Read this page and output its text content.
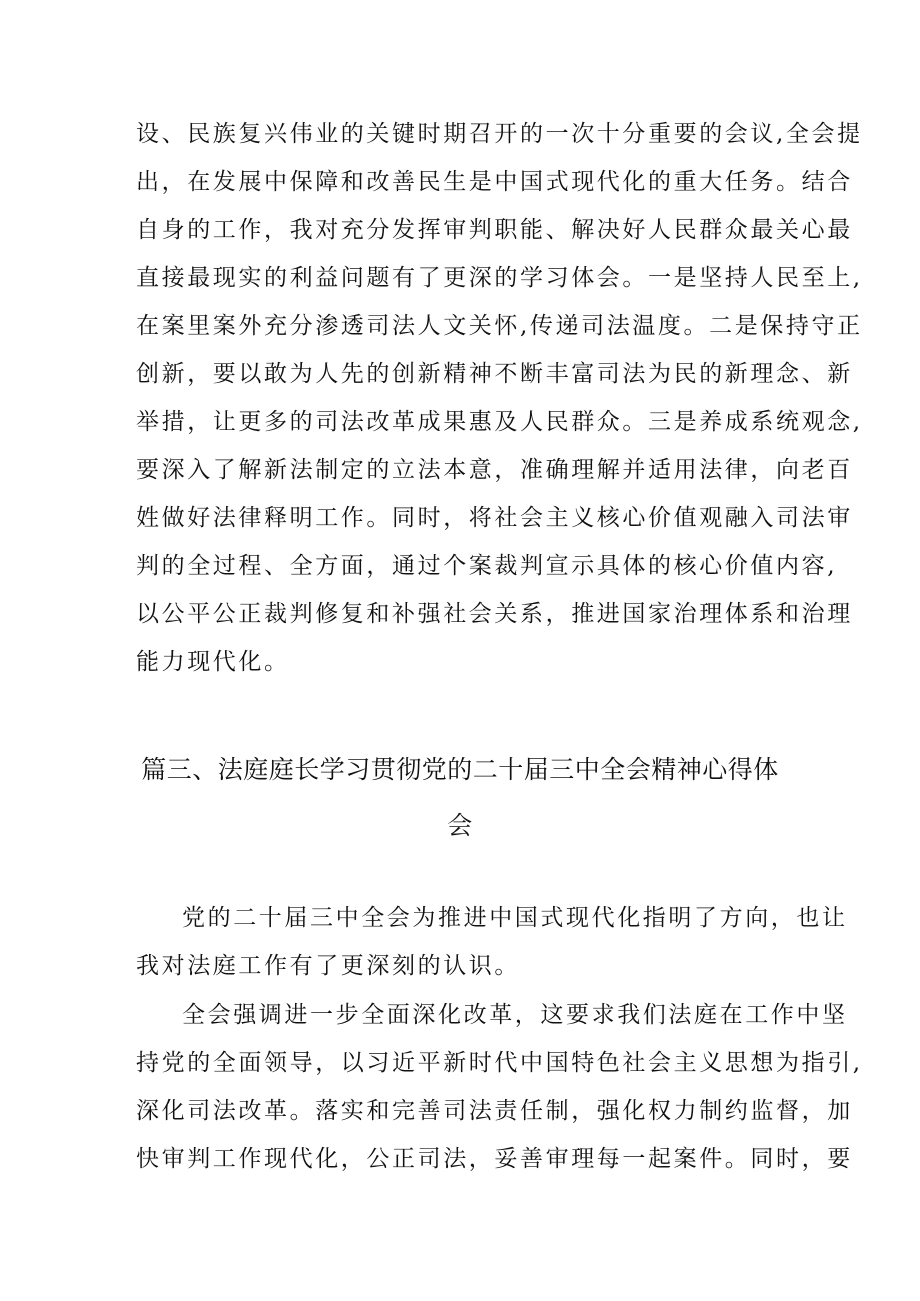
设、民族复兴伟业的关键时期召开的一次十分重要的会议,全会提
出，在发展中保障和改善民生是中国式现代化的重大任务。结合
自身的工作，我对充分发挥审判职能、解决好人民群众最关心最
直接最现实的利益问题有了更深的学习体会。一是坚持人民至上,
在案里案外充分渗透司法人文关怀,传递司法温度。二是保持守正
创新，要以敢为人先的创新精神不断丰富司法为民的新理念、新
举措，让更多的司法改革成果惠及人民群众。三是养成系统观念,
要深入了解新法制定的立法本意，准确理解并适用法律，向老百
姓做好法律释明工作。同时，将社会主义核心价值观融入司法审
判的全过程、全方面，通过个案裁判宣示具体的核心价值内容,
以公平公正裁判修复和补强社会关系，推进国家治理体系和治理
能力现代化。
篇三、法庭庭长学习贯彻党的二十届三中全会精神心得体
会
党的二十届三中全会为推进中国式现代化指明了方向，也让
我对法庭工作有了更深刻的认识。
全会强调进一步全面深化改革，这要求我们法庭在工作中坚
持党的全面领导，以习近平新时代中国特色社会主义思想为指引,
深化司法改革。落实和完善司法责任制，强化权力制约监督，加
快审判工作现代化，公正司法，妥善审理每一起案件。同时，要
